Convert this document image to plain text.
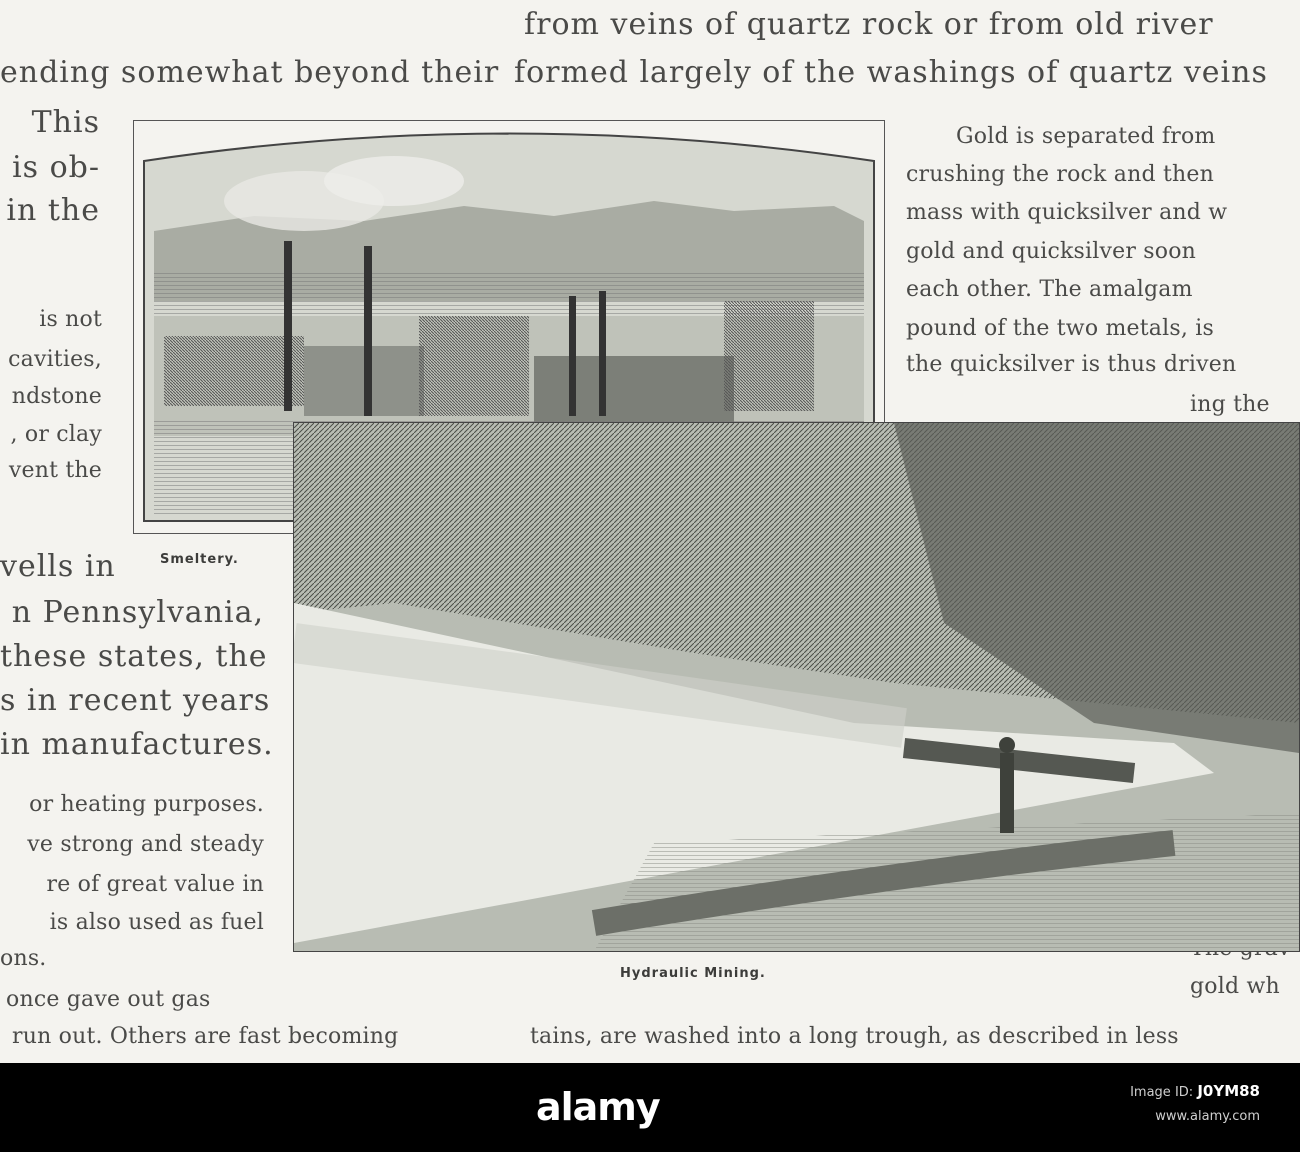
from veins of quartz rock or from old river
formed largely of the washings of quartz veins
ending somewhat beyond their
This
is ob-
in the
is not
cavities,
ndstone
, or clay
vent the
vells in
n Pennsylvania,
these states, the
s in recent years
in manufactures.
or heating purposes.
ve strong and steady
re of great value in
is also used as fuel
ons.
once gave out gas
run out. Others are fast becoming
Gold is separated from
crushing the rock and then
mass with quicksilver and w
gold and quicksilver soon
each other. The amalgam
pound of the two metals, is
the quicksilver is thus driven
ing the
gold wh
tains, are washed into a long trough, as described in less
Smeltery.
Hydraulic Mining.
alamy	Image ID: J0YM88
www.alamy.com
